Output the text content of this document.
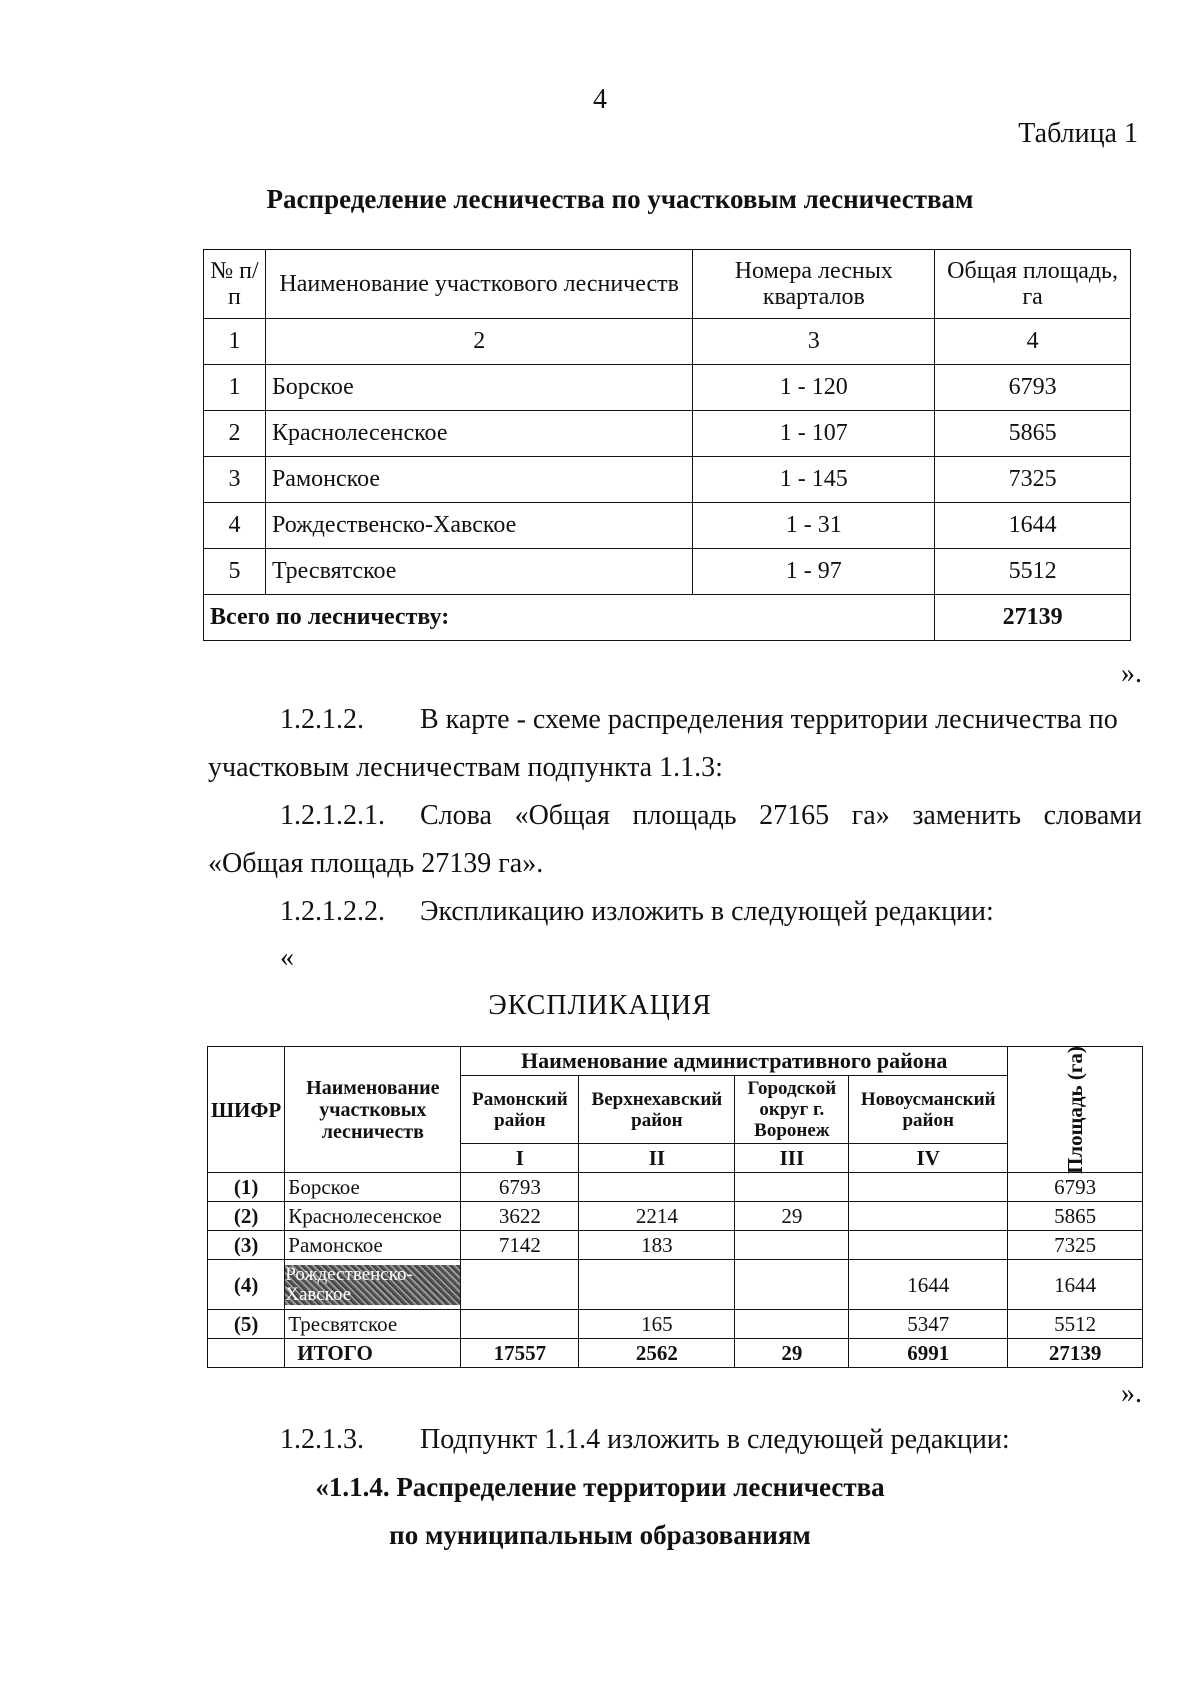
4
Таблица 1
Распределение лесничества по участковым лесничествам
№ п/п	Наименование участкового лесничеств	Номера лесных кварталов	Общая площадь, га
1	2	3	4
1	Борское	1 - 120	6793
2	Краснолесенское	1 - 107	5865
3	Рамонское	1 - 145	7325
4	Рождественско-Хавское	1 - 31	1644
5	Тресвятское	1 - 97	5512
Всего по лесничеству:			27139
».

1.2.1.2. В карте - схеме распределения территории лесничества по

участковым лесничествам подпункта 1.1.3:

1.2.1.2.1. Слова «Общая площадь 27165 га» заменить словами

«Общая площадь 27139 га».

1.2.1.2.2. Экспликацию изложить в следующей редакции:

«

ЭКСПЛИКАЦИЯ
ШИФР	Наименование участковых лесничеств	Наименование административного района				Площадь (га)
		Рамонский район	Верхнехавский район	Городской округ г. Воронеж	Новоусманский район	
		I	II	III	IV	
(1)	Борское	6793				6793
(2)	Краснолесенское	3622	2214	29		5865
(3)	Рамонское	7142	183			7325
(4)	Рождественско-Хавское				1644	1644
(5)	Тресвятское		165		5347	5512
	ИТОГО	17557	2562	29	6991	27139
».

1.2.1.3. Подпункт 1.1.4 изложить в следующей редакции:

«1.1.4. Распределение территории лесничества
по муниципальным образованиям
